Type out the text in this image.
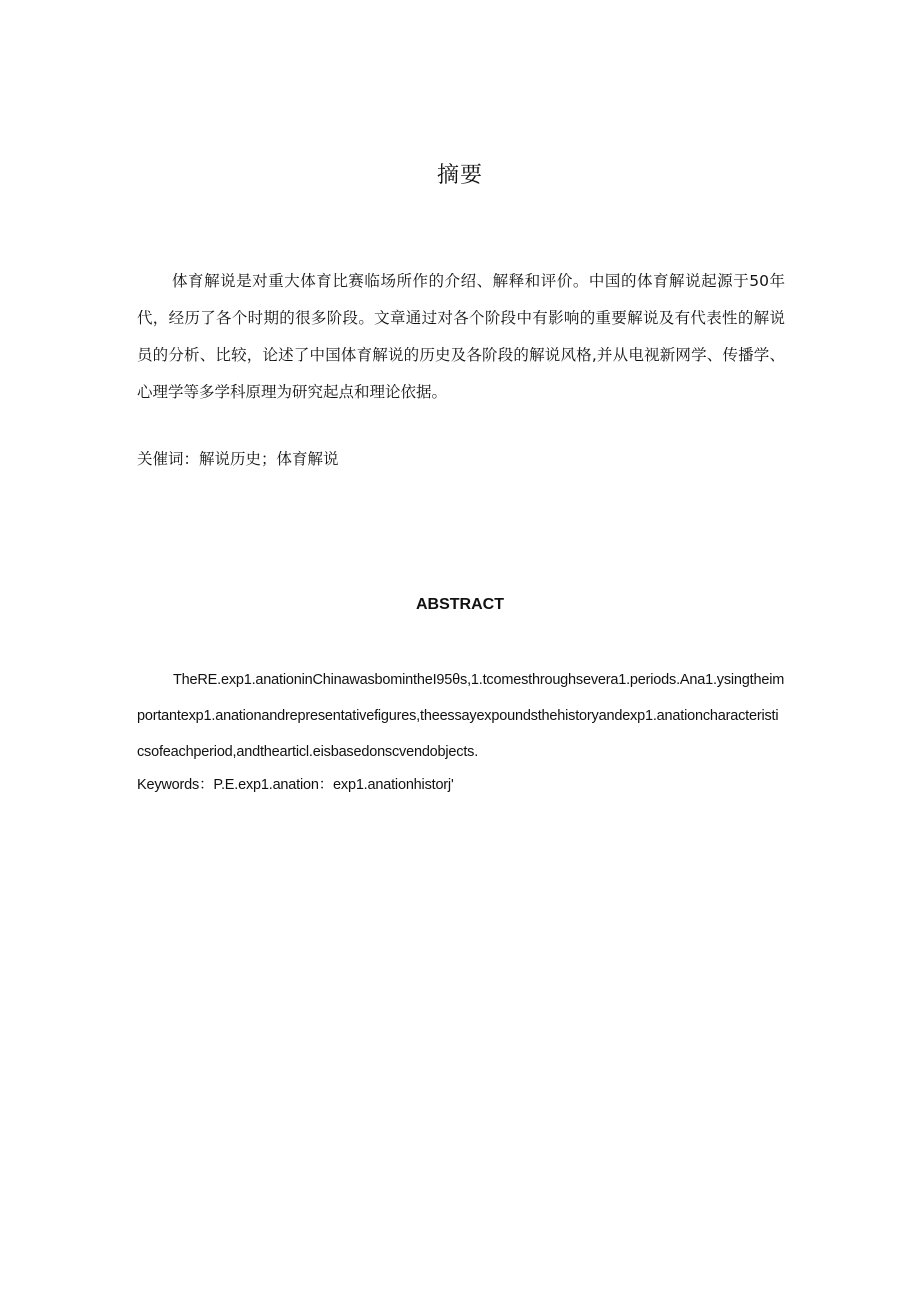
摘要

体育解说是对重大体育比赛临场所作的介绍、解释和评价。中国的体育解说起源于50年代，经历了各个时期的很多阶段。文章通过对各个阶段中有影响的重要解说及有代表性的解说员的分析、比较，论述了中国体育解说的历史及各阶段的解说风格,并从电视新网学、传播学、心理学等多学科原理为研究起点和理论依据。

关催词：解说历史；体育解说
ABSTRACT

TheRE.exp1.anationinChinawasbomintheI95θs,1.tcomesthroughsevera1.periods.Ana1.ysingtheimportantexp1.anationandrepresentativefigures,theessayexpoundsthehistoryandexp1.anationcharacteristicsofeachperiod,andthearticl.eisbasedonscvendobjects.

Keywords：P.E.exp1.anation：exp1.anationhistorj'
